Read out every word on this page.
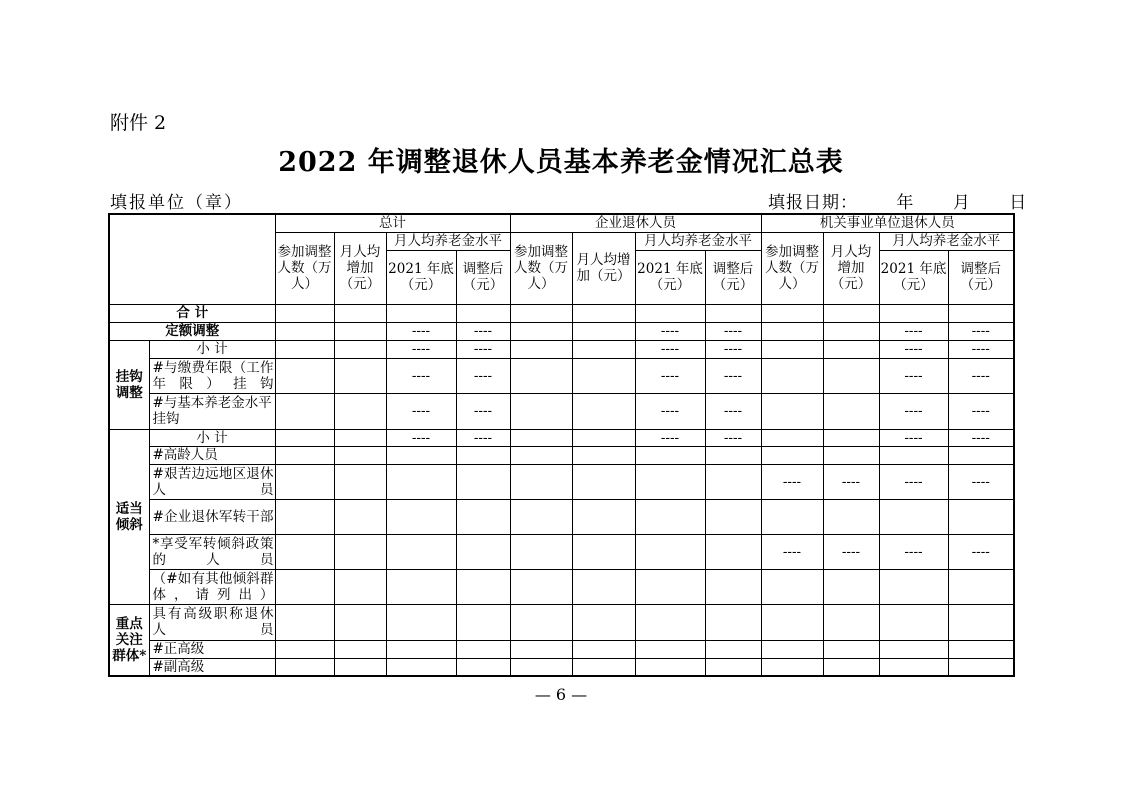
附件 2
2022 年调整退休人员基本养老金情况汇总表
填报单位（章）	填报日期：      年      月      日
		总计				企业退休人员				机关事业单位退休人员			
		参加调整人数（万人）	月人均增加（元）	月人均养老金水平		参加调整人数（万人）	月人均增加（元）	月人均养老金水平		参加调整人数（万人）	月人均增加（元）	月人均养老金水平	
				2021 年底（元）	调整后（元）			2021 年底（元）	调整后（元）			2021 年底（元）	调整后（元）
合 计													
定额调整				----	----			----	----			----	----
挂钩调整	小 计			----	----			----	----			----	----
	#与缴费年限（工作年限）挂钩			----	----			----	----			----	----
	#与基本养老金水平挂钩			----	----			----	----			----	----
适当倾斜	小 计			----	----			----	----			----	----
	#高龄人员												
	#艰苦边远地区退休人员									----	----	----	----
	#企业退休军转干部												
	*享受军转倾斜政策的人员									----	----	----	----
	（#如有其他倾斜群体，请列出）												
重点关注群体*	具有高级职称退休人员												
	#正高级												
	#副高级												
— 6 —
